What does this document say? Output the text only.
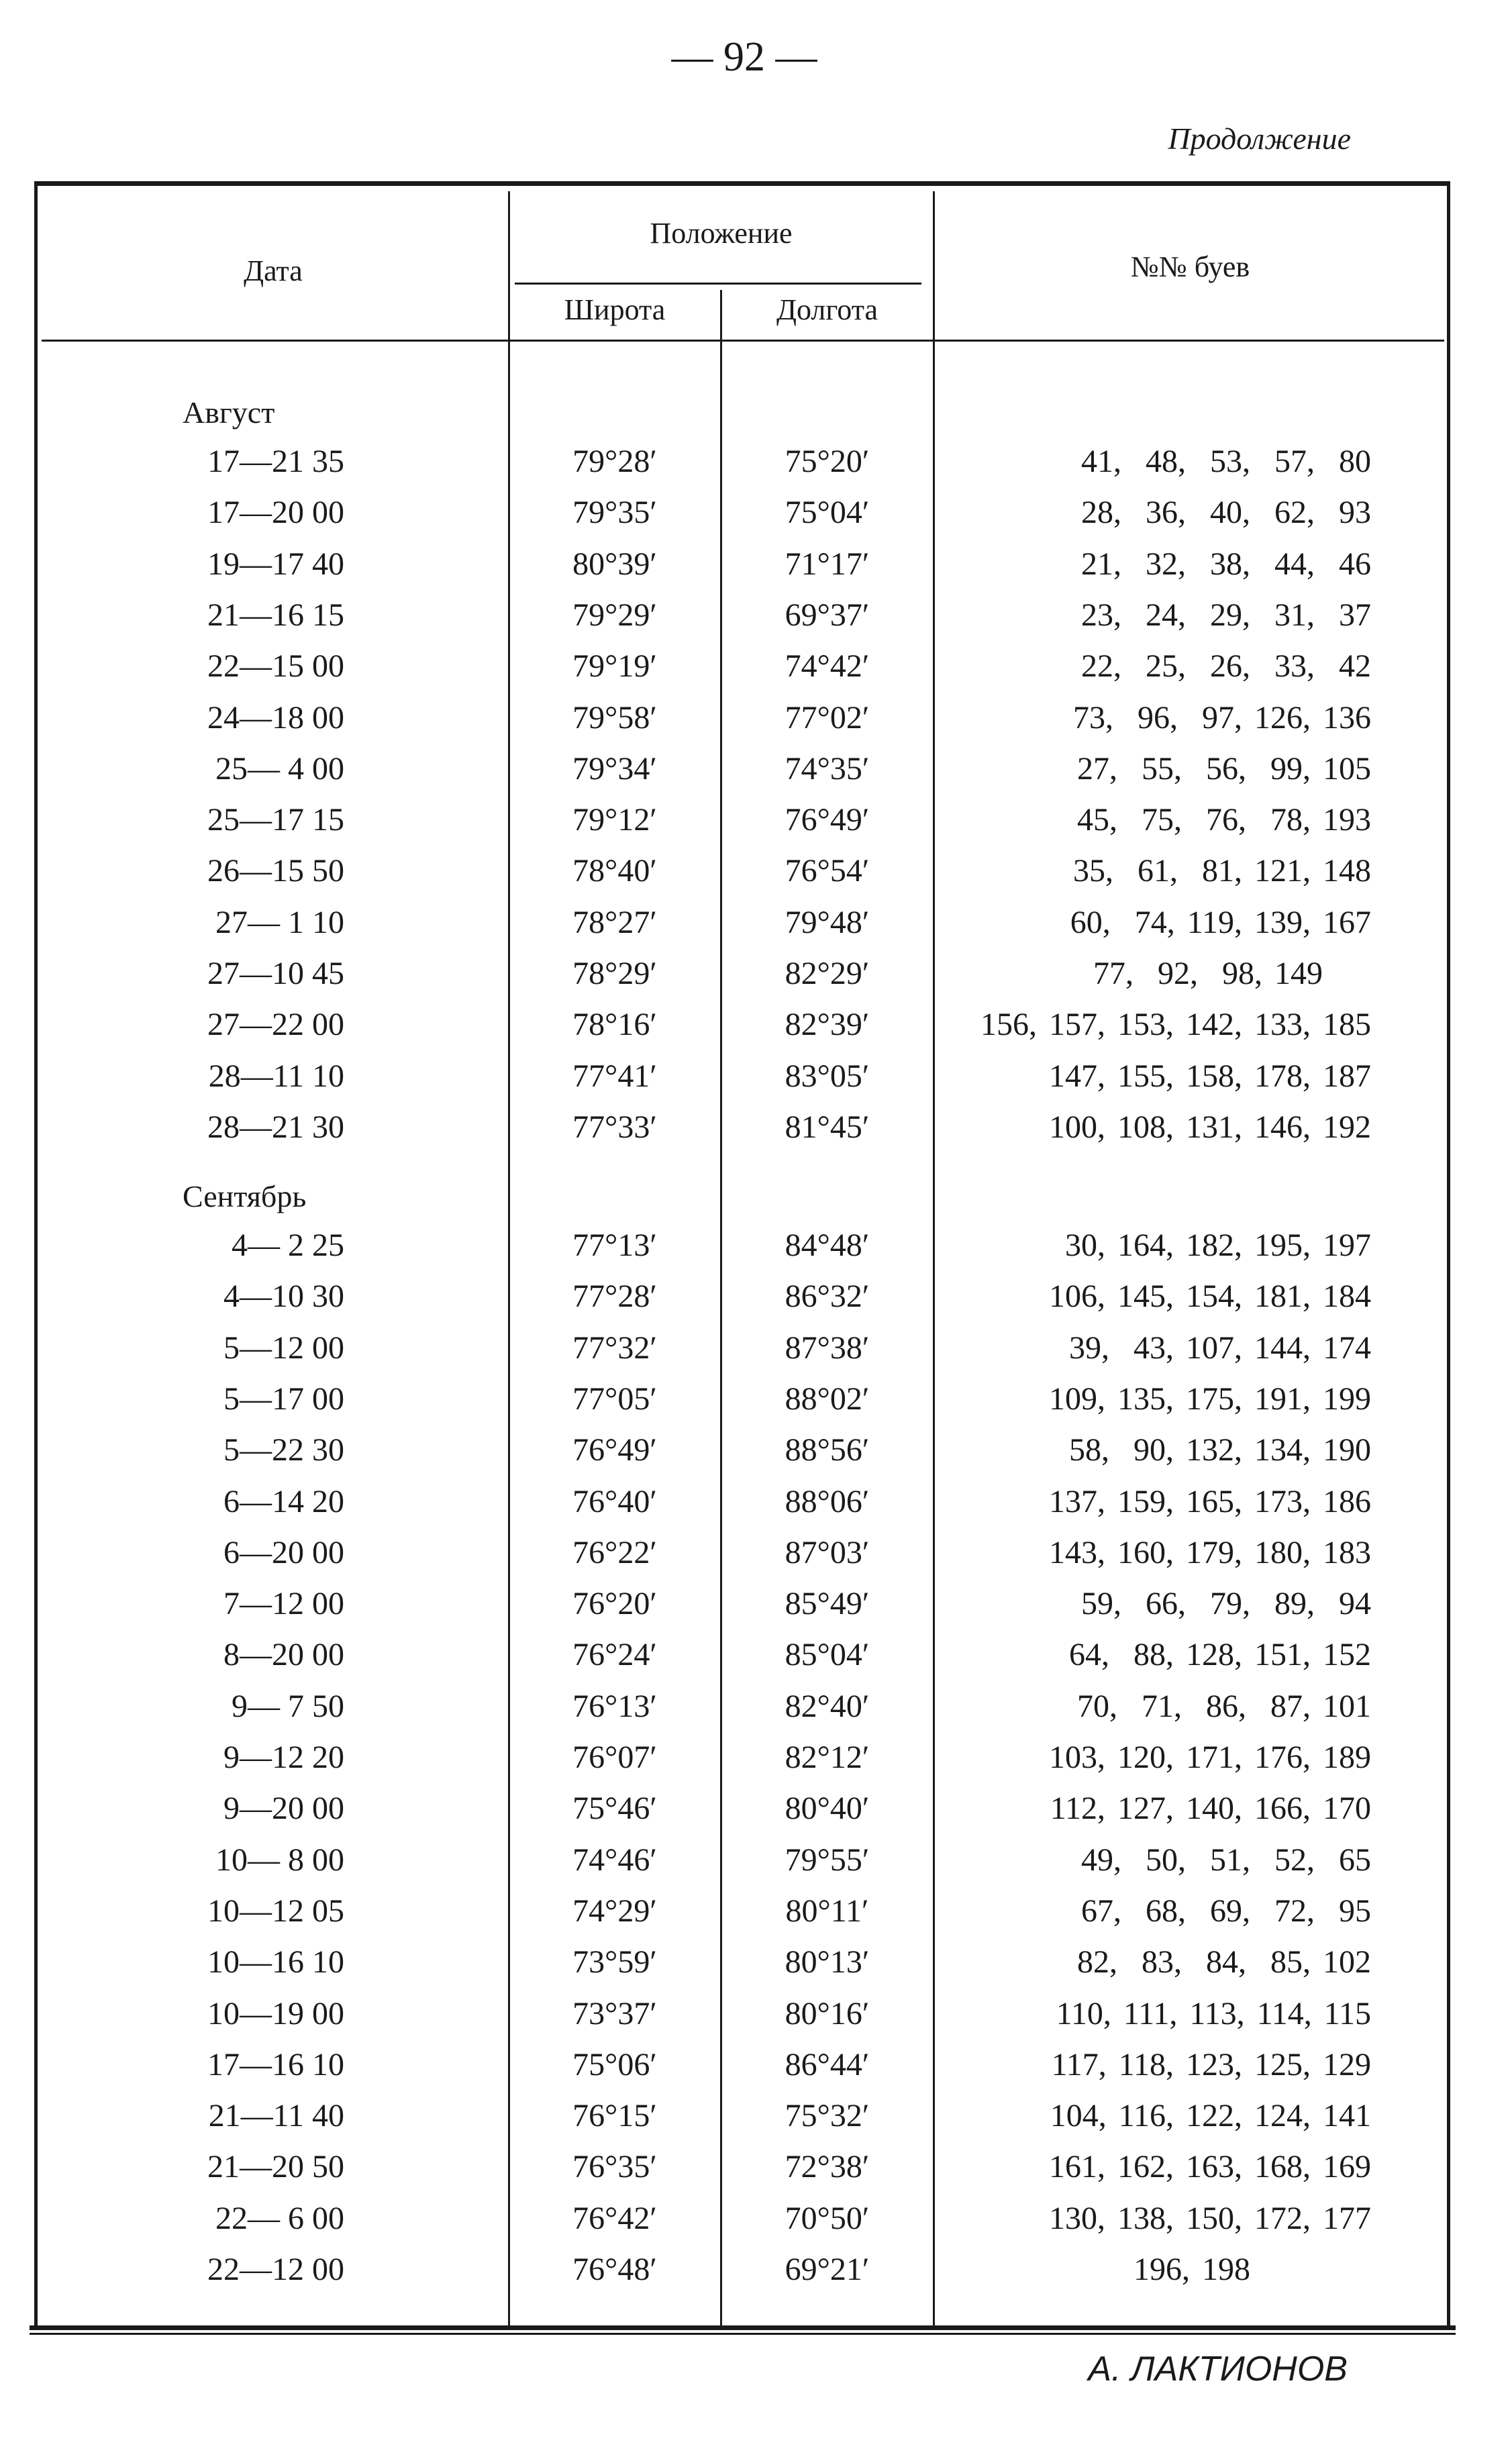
— 92 —
Продолжение
Дата
Положение
Широта	Долгота
№№ буев
Август
17—21 35	79°28′	75°20′	41,  48,  53,  57,  80
17—20 00	79°35′	75°04′	28,  36,  40,  62,  93
19—17 40	80°39′	71°17′	21,  32,  38,  44,  46
21—16 15	79°29′	69°37′	23,  24,  29,  31,  37
22—15 00	79°19′	74°42′	22,  25,  26,  33,  42
24—18 00	79°58′	77°02′	73,  96,  97, 126, 136
25— 4 00	79°34′	74°35′	27,  55,  56,  99, 105
25—17 15	79°12′	76°49′	45,  75,  76,  78, 193
26—15 50	78°40′	76°54′	35,  61,  81, 121, 148
27— 1 10	78°27′	79°48′	60,  74, 119, 139, 167
27—10 45	78°29′	82°29′	77,  92,  98, 149
27—22 00	78°16′	82°39′	156, 157, 153, 142, 133, 185
28—11 10	77°41′	83°05′	147, 155, 158, 178, 187
28—21 30	77°33′	81°45′	100, 108, 131, 146, 192
Сентябрь
4— 2 25	77°13′	84°48′	30, 164, 182, 195, 197
4—10 30	77°28′	86°32′	106, 145, 154, 181, 184
5—12 00	77°32′	87°38′	39,  43, 107, 144, 174
5—17 00	77°05′	88°02′	109, 135, 175, 191, 199
5—22 30	76°49′	88°56′	58,  90, 132, 134, 190
6—14 20	76°40′	88°06′	137, 159, 165, 173, 186
6—20 00	76°22′	87°03′	143, 160, 179, 180, 183
7—12 00	76°20′	85°49′	59,  66,  79,  89,  94
8—20 00	76°24′	85°04′	64,  88, 128, 151, 152
9— 7 50	76°13′	82°40′	70,  71,  86,  87, 101
9—12 20	76°07′	82°12′	103, 120, 171, 176, 189
9—20 00	75°46′	80°40′	112, 127, 140, 166, 170
10— 8 00	74°46′	79°55′	49,  50,  51,  52,  65
10—12 05	74°29′	80°11′	67,  68,  69,  72,  95
10—16 10	73°59′	80°13′	82,  83,  84,  85, 102
10—19 00	73°37′	80°16′	110, 111, 113, 114, 115
17—16 10	75°06′	86°44′	117, 118, 123, 125, 129
21—11 40	76°15′	75°32′	104, 116, 122, 124, 141
21—20 50	76°35′	72°38′	161, 162, 163, 168, 169
22— 6 00	76°42′	70°50′	130, 138, 150, 172, 177
22—12 00	76°48′	69°21′	196, 198
А. ЛАКТИОНОВ
